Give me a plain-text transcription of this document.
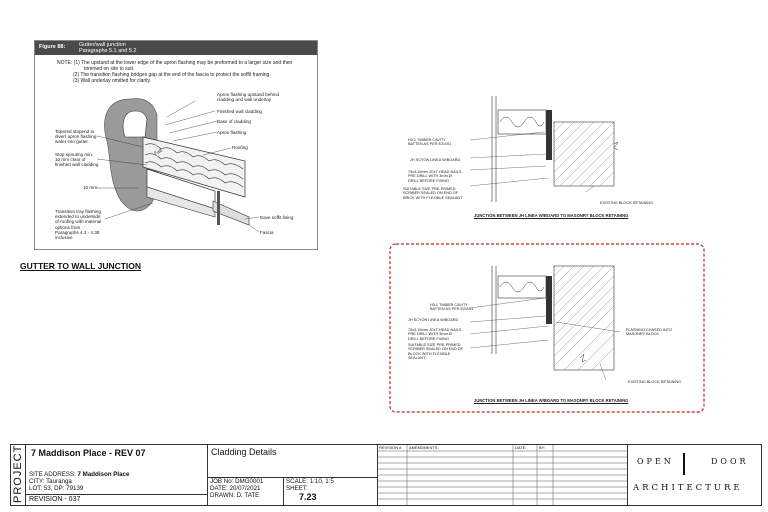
Figure 88: Gutter/wall junction
Paragraphs 5.1 and 5.2
NOTE: (1) The upstand at the lower edge of the apron flashing may be preformed to a larger size and then
trimmed on site to suit.
(2) The transition flashing bridges gap at the end of the fascia to protect the soffit framing.
(3) Wall underlay omitted for clarity.
Fall
Apron flashing upstand behind
cladding and wall underlay
Finished wall cladding
Base of cladding
Apron flashing
Roofing
Eave soffit lining
Fascia
Tapered stopend to
divert apron flashing
water into gutter
Stop spouting min.
10 mm clear of
finished wall cladding
10 mm
Transition tray flashing
extended to underside
of roofing with material
options from
Paragraphs 4.3 - 4.38
inclusive
GUTTER TO WALL JUNCTION
H3.1 TIMBER CAVITY
BATTEN AS PER E2/AS1
JH SCYON LINEA W/BOARD
75x3.15mm JOLT HEAD NAILS.
PRE DRILL WITH 3mm Ø
DRILL BEFORE FIXING
SUITABLE SIZE PRE-PRIMED
SCRIBER SEALED ON END OF
BRICK WITH FLEXIBLE SEALANT
EXISTING BLOCK RETAINING
JUNCTION BETWEEN JH LINEA W/BOARD TO MASONRY BLOCK RETAINING
H3.1 TIMBER CAVITY
BATTEN AS PER E2/AS1
JH SCYON LINEA W/BOARD
75x3.15mm JOLT HEAD NAILS.
PRE DRILL WITH 3mm Ø
DRILL BEFORE FIXING
SUITABLE SIZE PRE-PRIMED
SCRIBER SEALED ON END OF
BLOCK WITH FLEXIBLE
SEALANT
FLASHING CHASED INTO
MASONRY BLOCK
EXISTING BLOCK RETAINING
JUNCTION BETWEEN JH LINEA W/BOARD TO MASONRY BLOCK RETAINING
PROJECT 7 Maddison Place - REV 07
SITE ADDRESS: 7 Maddison Place
CITY: Tauranga
LOT: 53, DP: 79139
REVISION - 037
Cladding Details
JOB No: DMG0001
DATE: 20/07/2021
DRAWN: D. TATE
SCALE: 1:10, 1:5
SHEET:
7.23
REVISION # AMENDMENTS:	DATE:	BY:
OPEN	DOOR
ARCHITECTURE
